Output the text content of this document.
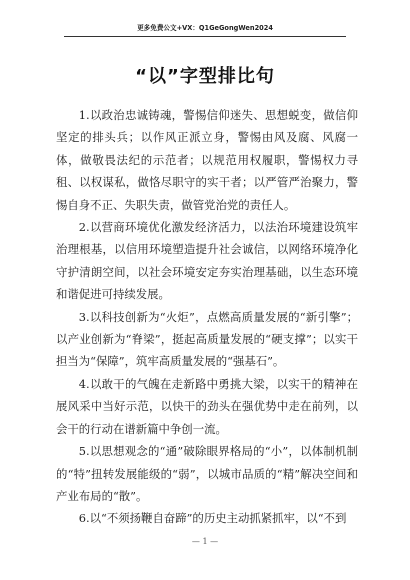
更多免费公文+VX：Q1GeGongWen2024
“以”字型排比句

1.以政治忠诚铸魂，警惕信仰迷失、思想蜕变，做信仰坚定的排头兵；以作风正派立身，警惕由风及腐、风腐一体，做敬畏法纪的示范者；以规范用权履职，警惕权力寻租、以权谋私，做恪尽职守的实干者；以严管严治聚力，警惕自身不正、失职失责，做管党治党的责任人。

2.以营商环境优化激发经济活力，以法治环境建设筑牢治理根基，以信用环境塑造提升社会诚信，以网络环境净化守护清朗空间，以社会环境安定夯实治理基础，以生态环境和谐促进可持续发展。

3.以科技创新为“火炬”，点燃高质量发展的“新引擎”；以产业创新为“脊梁”，挺起高质量发展的“硬支撑”；以实干担当为“保障”，筑牢高质量发展的“强基石”。

4.以敢干的气魄在走新路中勇挑大梁，以实干的精神在展风采中当好示范，以快干的劲头在强优势中走在前列，以会干的行动在谱新篇中争创一流。

5.以思想观念的“通”破除眼界格局的“小”，以体制机制的“特”扭转发展能级的“弱”，以城市品质的“精”解决空间和产业布局的“散”。

6.以“不须扬鞭自奋蹄”的历史主动抓紧抓牢，以“不到

— 1 —
